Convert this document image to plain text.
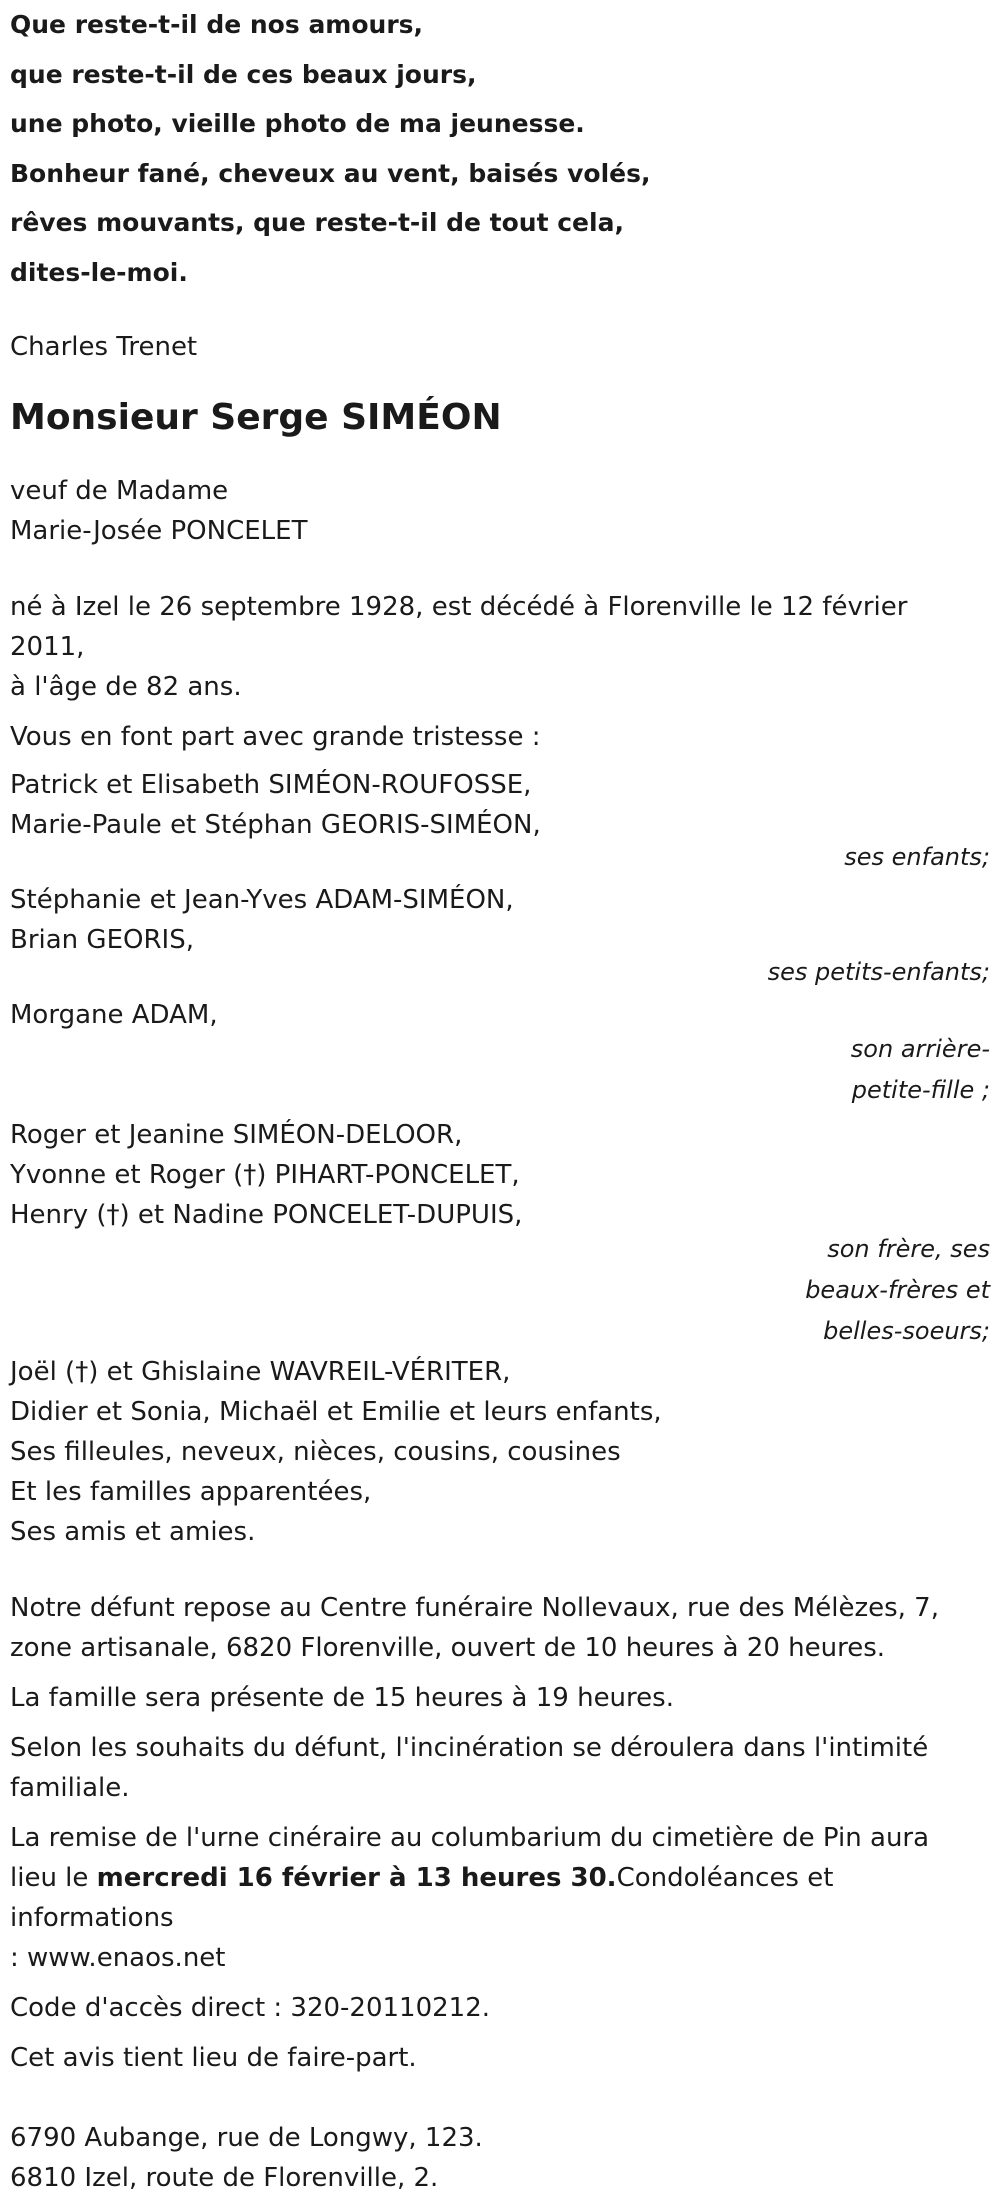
Que reste-t-il de nos amours,
que reste-t-il de ces beaux jours,
une photo, vieille photo de ma jeunesse.
Bonheur fané, cheveux au vent, baisés volés,
rêves mouvants, que reste-t-il de tout cela,
dites-le-moi.
Charles Trenet
Monsieur Serge SIMÉON
veuf de Madame
Marie-Josée PONCELET
né à Izel le 26 septembre 1928, est décédé à Florenville le 12 février 2011,
à l'âge de 82 ans.
Vous en font part avec grande tristesse :
Patrick et Elisabeth SIMÉON-ROUFOSSE,
Marie-Paule et Stéphan GEORIS-SIMÉON,
ses enfants;
Stéphanie et Jean-Yves ADAM-SIMÉON,
Brian GEORIS,
ses petits-enfants;
Morgane ADAM,
son arrière-
petite-fille ;
Roger et Jeanine SIMÉON-DELOOR,
Yvonne et Roger (†) PIHART-PONCELET,
Henry (†) et Nadine PONCELET-DUPUIS,
son frère, ses
beaux-frères et
belles-soeurs;
Joël (†) et Ghislaine WAVREIL-VÉRITER,
Didier et Sonia, Michaël et Emilie et leurs enfants,
Ses filleules, neveux, nièces, cousins, cousines
Et les familles apparentées,
Ses amis et amies.
Notre défunt repose au Centre funéraire Nollevaux, rue des Mélèzes, 7,
zone artisanale, 6820 Florenville, ouvert de 10 heures à 20 heures.
La famille sera présente de 15 heures à 19 heures.
Selon les souhaits du défunt, l'incinération se déroulera dans l'intimité
familiale.
La remise de l'urne cinéraire au columbarium du cimetière de Pin aura
lieu le mercredi 16 février à 13 heures 30.Condoléances et informations
: www.enaos.net
Code d'accès direct : 320-20110212.
Cet avis tient lieu de faire-part.
6790 Aubange, rue de Longwy, 123.
6810 Izel, route de Florenville, 2.
